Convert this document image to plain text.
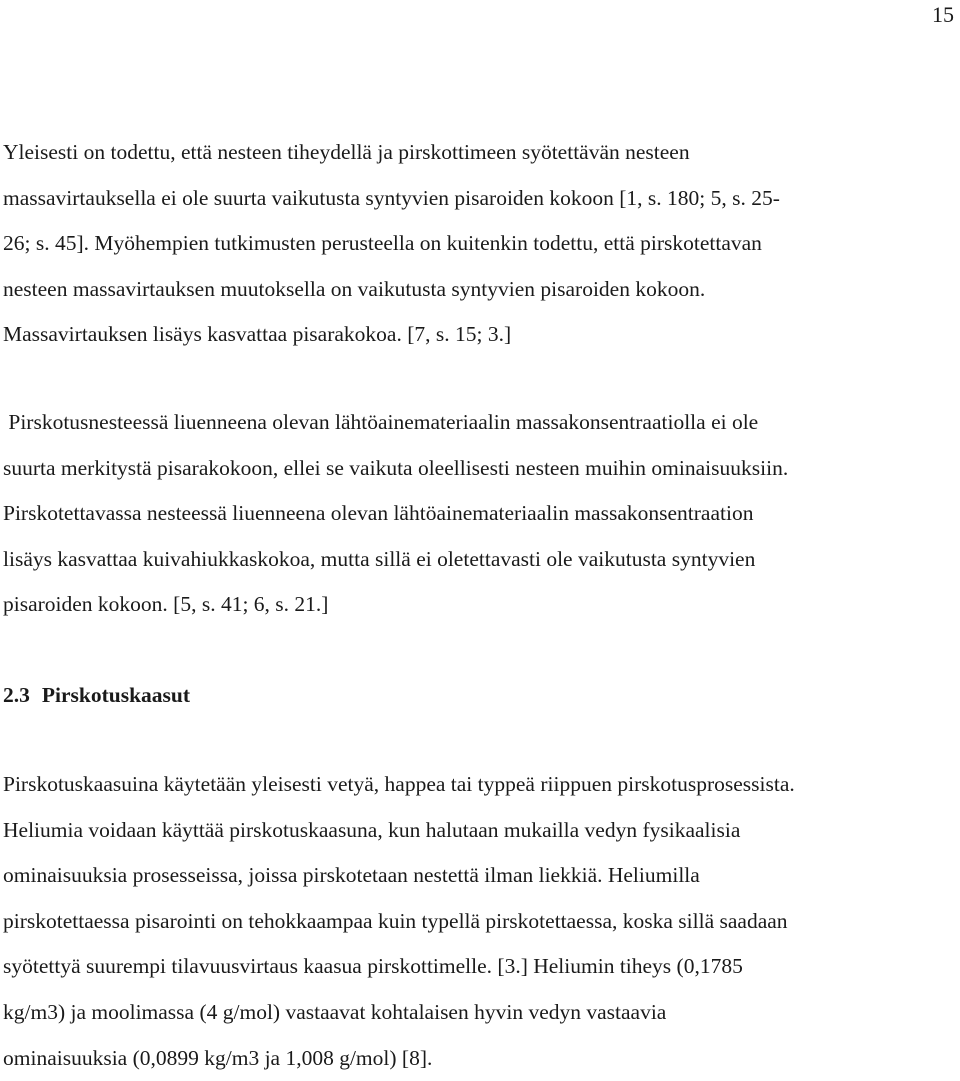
15

Yleisesti on todettu, että nesteen tiheydellä ja pirskottimeen syötettävän nesteen
massavirtauksella ei ole suurta vaikutusta syntyvien pisaroiden kokoon [1, s. 180; 5, s. 25-
26; s. 45]. Myöhempien tutkimusten perusteella on kuitenkin todettu, että pirskotettavan
nesteen massavirtauksen muutoksella on vaikutusta syntyvien pisaroiden kokoon.
Massavirtauksen lisäys kasvattaa pisarakokoa. [7, s. 15; 3.]

Pirskotusnesteessä liuenneena olevan lähtöainemateriaalin massakonsentraatiolla ei ole
suurta merkitystä pisarakokoon, ellei se vaikuta oleellisesti nesteen muihin ominaisuuksiin.
Pirskotettavassa nesteessä liuenneena olevan lähtöainemateriaalin massakonsentraation
lisäys kasvattaa kuivahiukkaskokoa, mutta sillä ei oletettavasti ole vaikutusta syntyvien
pisaroiden kokoon. [5, s. 41; 6, s. 21.]

2.3 Pirskotuskaasut

Pirskotuskaasuina käytetään yleisesti vetyä, happea tai typpeä riippuen pirskotusprosessista.
Heliumia voidaan käyttää pirskotuskaasuna, kun halutaan mukailla vedyn fysikaalisia
ominaisuuksia prosesseissa, joissa pirskotetaan nestettä ilman liekkiä. Heliumilla
pirskotettaessa pisarointi on tehokkaampaa kuin typellä pirskotettaessa, koska sillä saadaan
syötettyä suurempi tilavuusvirtaus kaasua pirskottimelle. [3.] Heliumin tiheys (0,1785
kg/m3) ja moolimassa (4 g/mol) vastaavat kohtalaisen hyvin vedyn vastaavia
ominaisuuksia (0,0899 kg/m3 ja 1,008 g/mol) [8].
